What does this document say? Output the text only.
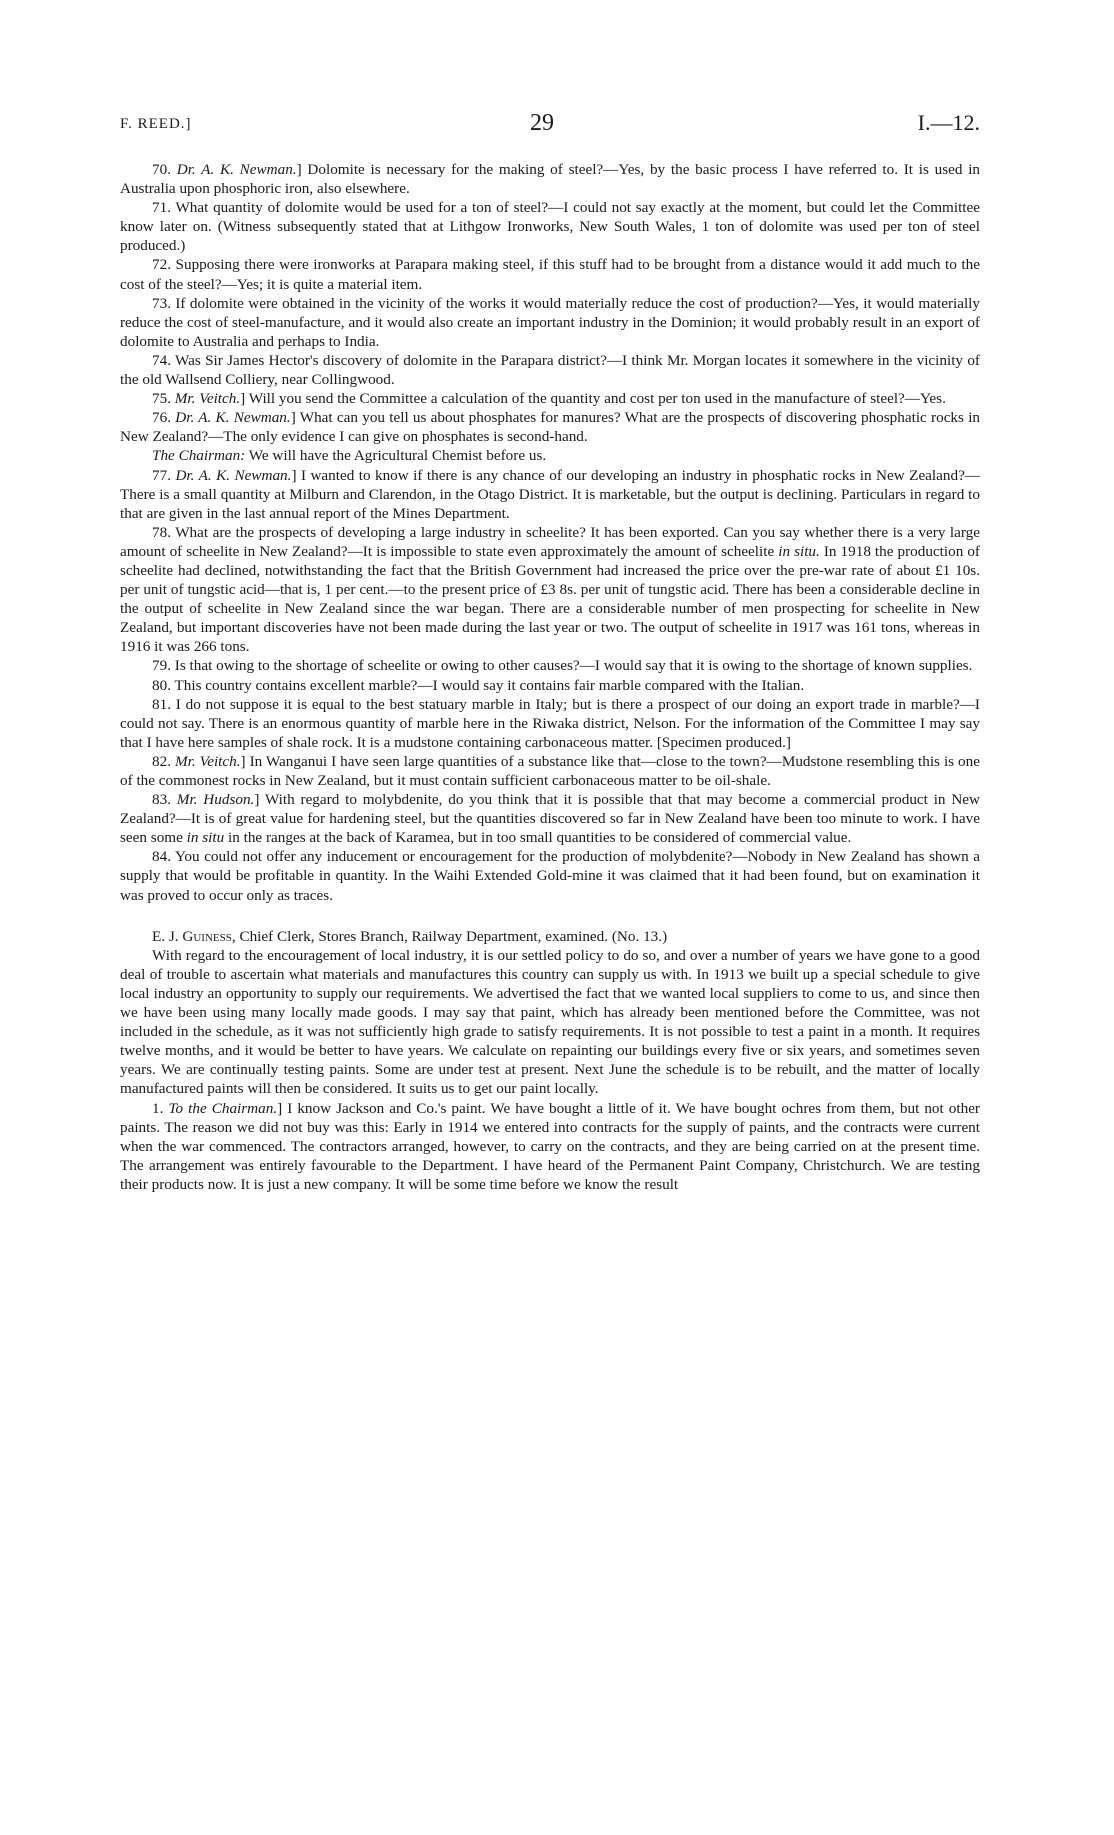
F. REED.]	29	I.—12.

70. Dr. A. K. Newman.] Dolomite is necessary for the making of steel?—Yes, by the basic process I have referred to. It is used in Australia upon phosphoric iron, also elsewhere.

71. What quantity of dolomite would be used for a ton of steel?—I could not say exactly at the moment, but could let the Committee know later on. (Witness subsequently stated that at Lithgow Ironworks, New South Wales, 1 ton of dolomite was used per ton of steel produced.)

72. Supposing there were ironworks at Parapara making steel, if this stuff had to be brought from a distance would it add much to the cost of the steel?—Yes; it is quite a material item.

73. If dolomite were obtained in the vicinity of the works it would materially reduce the cost of production?—Yes, it would materially reduce the cost of steel-manufacture, and it would also create an important industry in the Dominion; it would probably result in an export of dolomite to Australia and perhaps to India.

74. Was Sir James Hector's discovery of dolomite in the Parapara district?—I think Mr. Morgan locates it somewhere in the vicinity of the old Wallsend Colliery, near Collingwood.

75. Mr. Veitch.] Will you send the Committee a calculation of the quantity and cost per ton used in the manufacture of steel?—Yes.

76. Dr. A. K. Newman.] What can you tell us about phosphates for manures? What are the prospects of discovering phosphatic rocks in New Zealand?—The only evidence I can give on phosphates is second-hand.

The Chairman: We will have the Agricultural Chemist before us.

77. Dr. A. K. Newman.] I wanted to know if there is any chance of our developing an industry in phosphatic rocks in New Zealand?—There is a small quantity at Milburn and Clarendon, in the Otago District. It is marketable, but the output is declining. Particulars in regard to that are given in the last annual report of the Mines Department.

78. What are the prospects of developing a large industry in scheelite? It has been exported. Can you say whether there is a very large amount of scheelite in New Zealand?—It is impossible to state even approximately the amount of scheelite in situ. In 1918 the production of scheelite had declined, notwithstanding the fact that the British Government had increased the price over the pre-war rate of about £1 10s. per unit of tungstic acid—that is, 1 per cent.—to the present price of £3 8s. per unit of tungstic acid. There has been a considerable decline in the output of scheelite in New Zealand since the war began. There are a considerable number of men prospecting for scheelite in New Zealand, but important discoveries have not been made during the last year or two. The output of scheelite in 1917 was 161 tons, whereas in 1916 it was 266 tons.

79. Is that owing to the shortage of scheelite or owing to other causes?—I would say that it is owing to the shortage of known supplies.

80. This country contains excellent marble?—I would say it contains fair marble compared with the Italian.

81. I do not suppose it is equal to the best statuary marble in Italy; but is there a prospect of our doing an export trade in marble?—I could not say. There is an enormous quantity of marble here in the Riwaka district, Nelson. For the information of the Committee I may say that I have here samples of shale rock. It is a mudstone containing carbonaceous matter. [Specimen produced.]

82. Mr. Veitch.] In Wanganui I have seen large quantities of a substance like that—close to the town?—Mudstone resembling this is one of the commonest rocks in New Zealand, but it must contain sufficient carbonaceous matter to be oil-shale.

83. Mr. Hudson.] With regard to molybdenite, do you think that it is possible that that may become a commercial product in New Zealand?—It is of great value for hardening steel, but the quantities discovered so far in New Zealand have been too minute to work. I have seen some in situ in the ranges at the back of Karamea, but in too small quantities to be considered of commercial value.

84. You could not offer any inducement or encouragement for the production of molybdenite?—Nobody in New Zealand has shown a supply that would be profitable in quantity. In the Waihi Extended Gold-mine it was claimed that it had been found, but on examination it was proved to occur only as traces.

E. J. Guiness, Chief Clerk, Stores Branch, Railway Department, examined. (No. 13.)

With regard to the encouragement of local industry, it is our settled policy to do so, and over a number of years we have gone to a good deal of trouble to ascertain what materials and manufactures this country can supply us with. In 1913 we built up a special schedule to give local industry an opportunity to supply our requirements. We advertised the fact that we wanted local suppliers to come to us, and since then we have been using many locally made goods. I may say that paint, which has already been mentioned before the Committee, was not included in the schedule, as it was not sufficiently high grade to satisfy requirements. It is not possible to test a paint in a month. It requires twelve months, and it would be better to have years. We calculate on repainting our buildings every five or six years, and sometimes seven years. We are continually testing paints. Some are under test at present. Next June the schedule is to be rebuilt, and the matter of locally manufactured paints will then be considered. It suits us to get our paint locally.

1. To the Chairman.] I know Jackson and Co.'s paint. We have bought a little of it. We have bought ochres from them, but not other paints. The reason we did not buy was this: Early in 1914 we entered into contracts for the supply of paints, and the contracts were current when the war commenced. The contractors arranged, however, to carry on the contracts, and they are being carried on at the present time. The arrangement was entirely favourable to the Department. I have heard of the Permanent Paint Company, Christchurch. We are testing their products now. It is just a new company. It will be some time before we know the result
